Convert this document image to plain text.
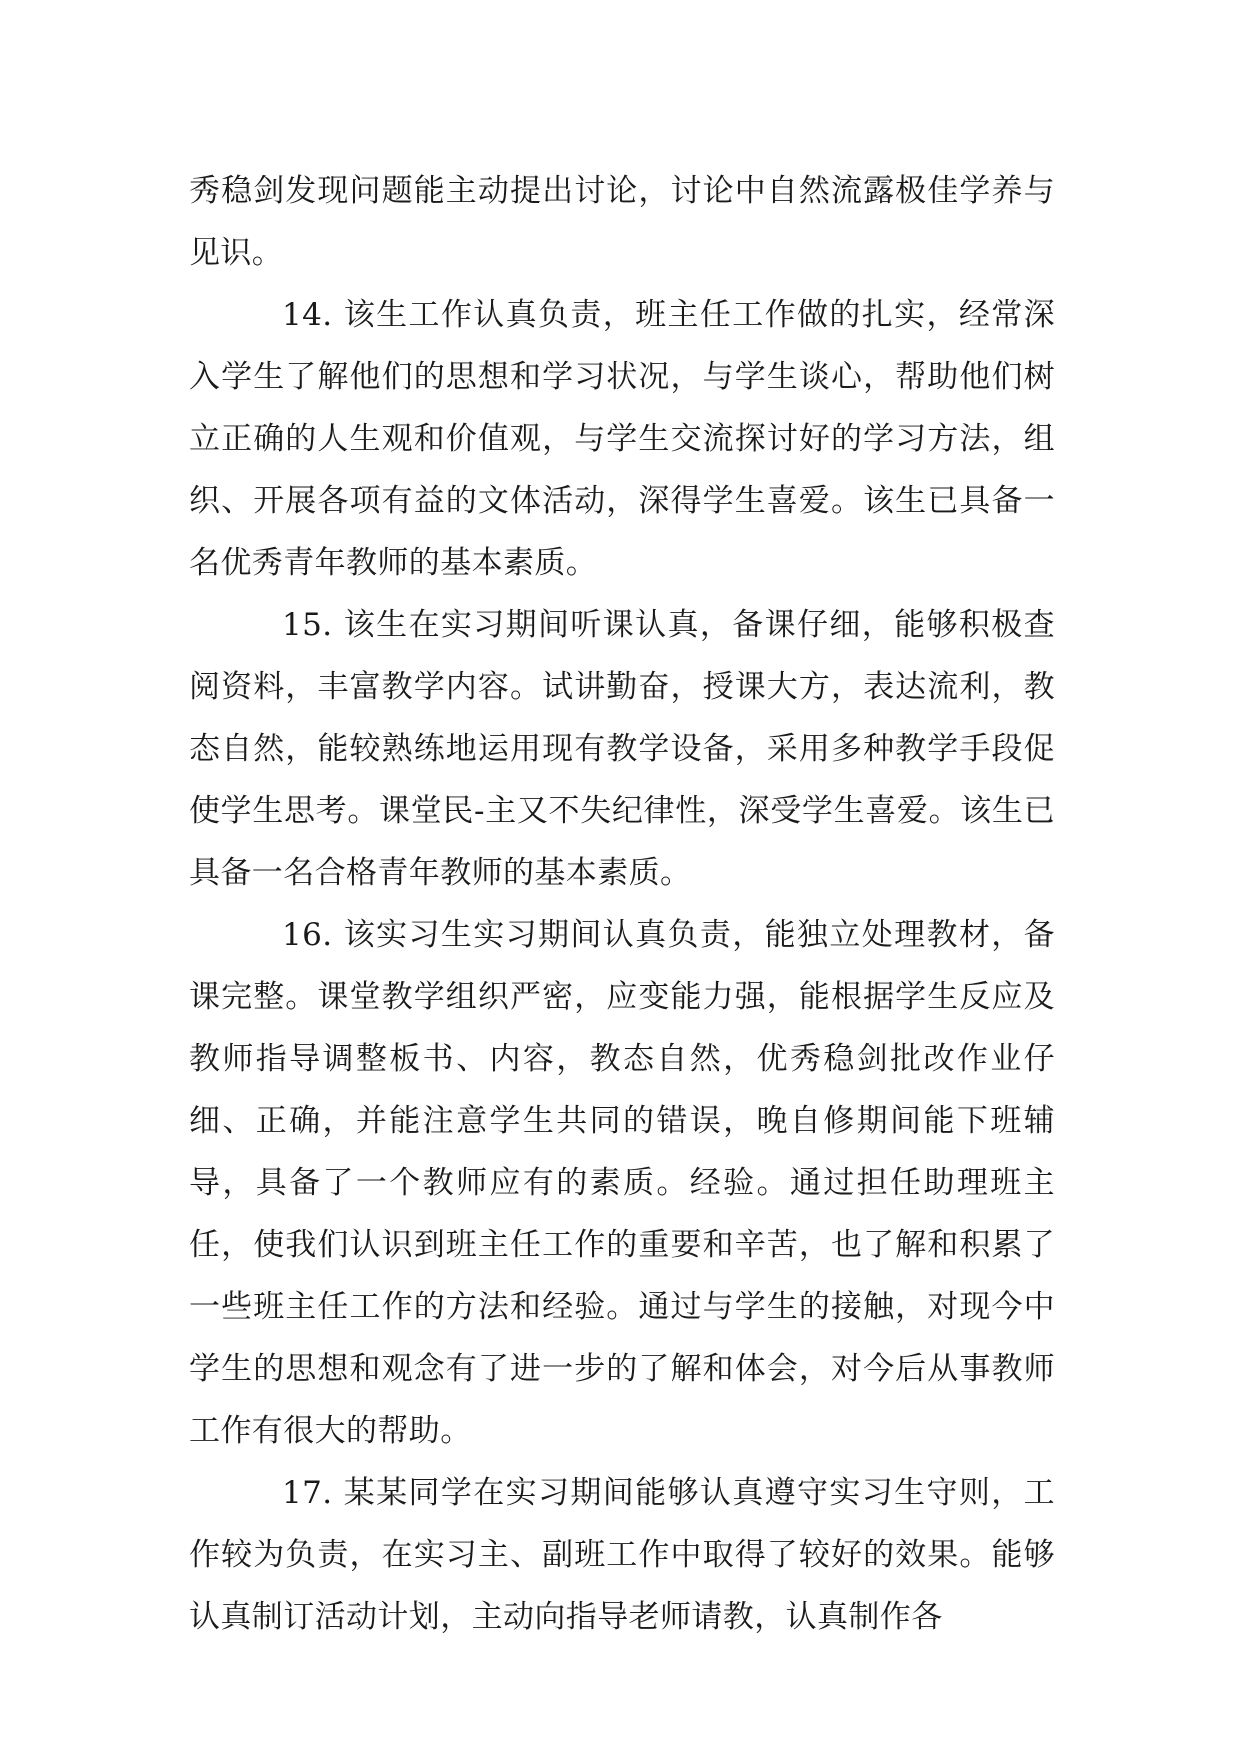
秀稳剑发现问题能主动提出讨论，讨论中自然流露极佳学养与见识。

14. 该生工作认真负责，班主任工作做的扎实，经常深入学生了解他们的思想和学习状况，与学生谈心，帮助他们树立正确的人生观和价值观，与学生交流探讨好的学习方法，组织、开展各项有益的文体活动，深得学生喜爱。该生已具备一名优秀青年教师的基本素质。

15. 该生在实习期间听课认真，备课仔细，能够积极查阅资料，丰富教学内容。试讲勤奋，授课大方，表达流利，教态自然，能较熟练地运用现有教学设备，采用多种教学手段促使学生思考。课堂民-主又不失纪律性，深受学生喜爱。该生已具备一名合格青年教师的基本素质。

16. 该实习生实习期间认真负责，能独立处理教材，备课完整。课堂教学组织严密，应变能力强，能根据学生反应及教师指导调整板书、内容，教态自然，优秀稳剑批改作业仔细、正确，并能注意学生共同的错误，晚自修期间能下班辅导，具备了一个教师应有的素质。经验。通过担任助理班主任，使我们认识到班主任工作的重要和辛苦，也了解和积累了一些班主任工作的方法和经验。通过与学生的接触，对现今中学生的思想和观念有了进一步的了解和体会，对今后从事教师工作有很大的帮助。

17. 某某同学在实习期间能够认真遵守实习生守则，工作较为负责，在实习主、副班工作中取得了较好的效果。能够认真制订活动计划，主动向指导老师请教，认真制作各
